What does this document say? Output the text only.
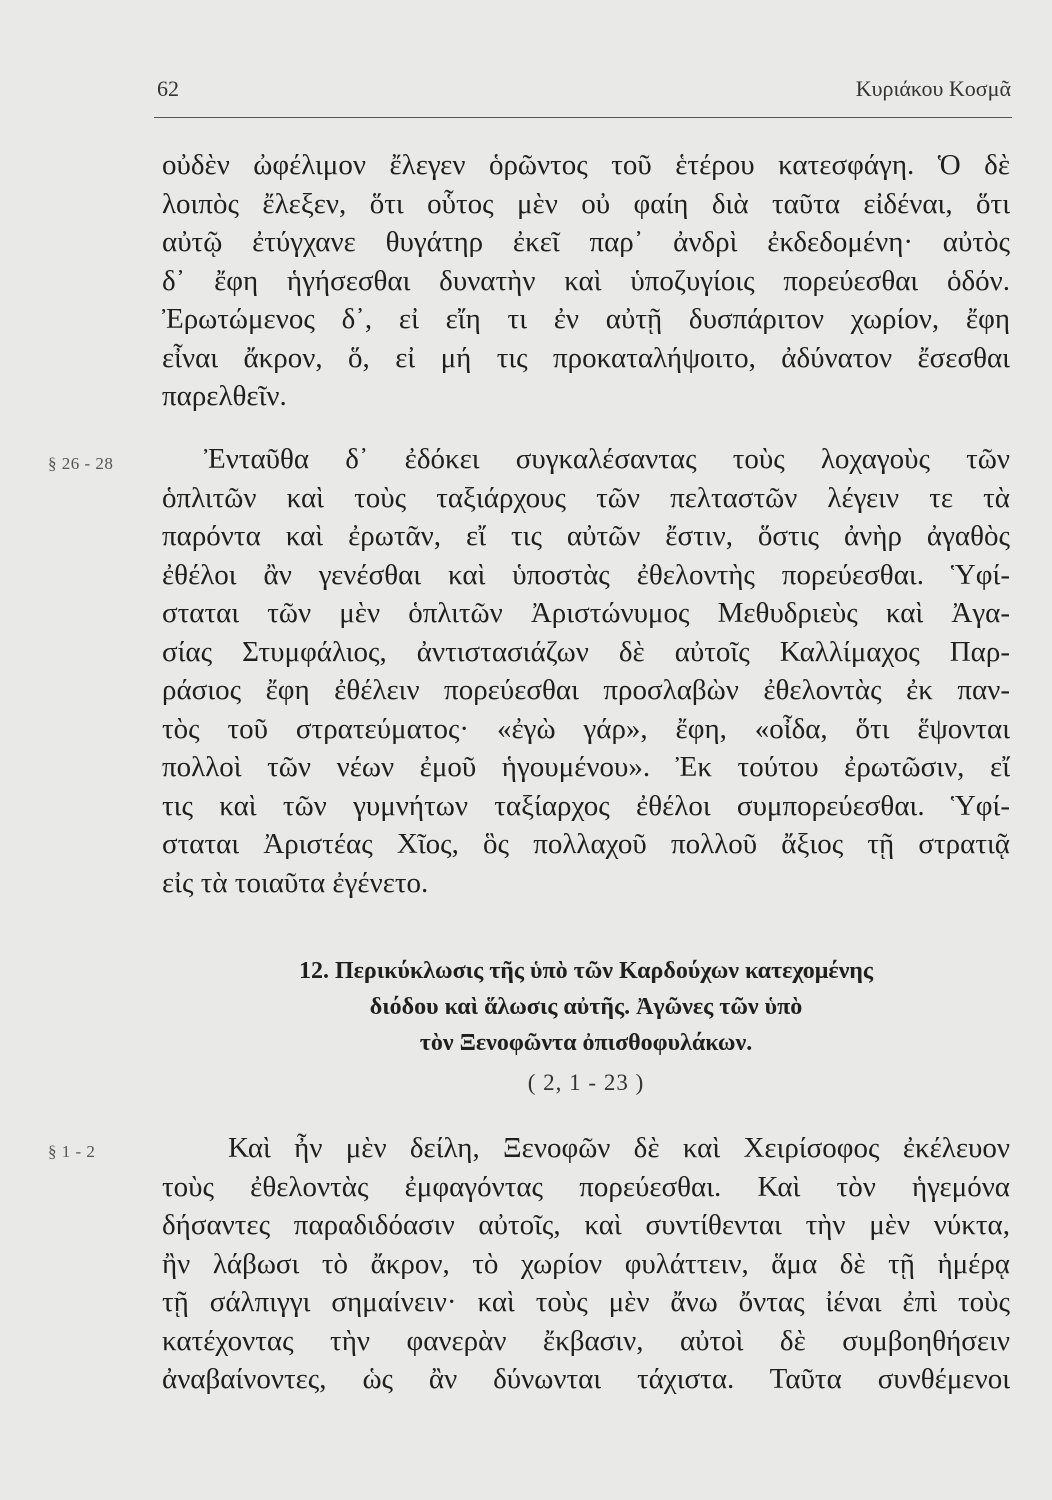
62	Κυριάκου Κοσμᾶ
οὐδὲν ὠφέλιμον ἔλεγεν ὁρῶντος τοῦ ἑτέρου κατεσφάγη. Ὁ δὲ
λοιπὸς ἔλεξεν, ὅτι οὗτος μὲν οὐ φαίη διὰ ταῦτα εἰδέναι, ὅτι
αὐτῷ ἐτύγχανε θυγάτηρ ἐκεῖ παρ᾽ ἀνδρὶ ἐκδεδομένη· αὐτὸς
δ᾽ ἔφη ἡγήσεσθαι δυνατὴν καὶ ὑποζυγίοις πορεύεσθαι ὁδόν.
Ἐρωτώμενος δ᾽, εἰ εἴη τι ἐν αὐτῇ δυσπάριτον χωρίον, ἔφη
εἶναι ἄκρον, ὅ, εἰ μή τις προκαταλήψοιτο, ἀδύνατον ἔσεσθαι
παρελθεῖν.
§ 26 - 28	Ἐνταῦθα δ᾽ ἐδόκει συγκαλέσαντας τοὺς λοχαγοὺς τῶν
ὁπλιτῶν καὶ τοὺς ταξιάρχους τῶν πελταστῶν λέγειν τε τὰ
παρόντα καὶ ἐρωτᾶν, εἴ τις αὐτῶν ἔστιν, ὅστις ἀνὴρ ἀγαθὸς
ἐθέλοι ἂν γενέσθαι καὶ ὑποστὰς ἐθελοντὴς πορεύεσθαι. Ὑφί-
σταται τῶν μὲν ὁπλιτῶν Ἀριστώνυμος Μεθυδριεὺς καὶ Ἀγα-
σίας Στυμφάλιος, ἀντιστασιάζων δὲ αὐτοῖς Καλλίμαχος Παρ-
ράσιος ἔφη ἐθέλειν πορεύεσθαι προσλαβὼν ἐθελοντὰς ἐκ παν-
τὸς τοῦ στρατεύματος· «ἐγὼ γάρ», ἔφη, «οἶδα, ὅτι ἕψονται
πολλοὶ τῶν νέων ἐμοῦ ἡγουμένου». Ἐκ τούτου ἐρωτῶσιν, εἴ
τις καὶ τῶν γυμνήτων ταξίαρχος ἐθέλοι συμπορεύεσθαι. Ὑφί-
σταται Ἀριστέας Χῖος, ὃς πολλαχοῦ πολλοῦ ἄξιος τῇ στρατιᾷ
εἰς τὰ τοιαῦτα ἐγένετο.
12. Περικύκλωσις τῆς ὑπὸ τῶν Καρδούχων κατεχομένης
διόδου καὶ ἅλωσις αὐτῆς. Ἀγῶνες τῶν ὑπὸ
τὸν Ξενοφῶντα ὀπισθοφυλάκων.
( 2, 1 - 23 )
§ 1 - 2	Καὶ ἦν μὲν δείλη, Ξενοφῶν δὲ καὶ Χειρίσοφος ἐκέλευον
τοὺς ἐθελοντὰς ἐμφαγόντας πορεύεσθαι. Καὶ τὸν ἡγεμόνα
δήσαντες παραδιδόασιν αὐτοῖς, καὶ συντίθενται τὴν μὲν νύκτα,
ἢν λάβωσι τὸ ἄκρον, τὸ χωρίον φυλάττειν, ἅμα δὲ τῇ ἡμέρᾳ
τῇ σάλπιγγι σημαίνειν· καὶ τοὺς μὲν ἄνω ὄντας ἰέναι ἐπὶ τοὺς
κατέχοντας τὴν φανερὰν ἔκβασιν, αὐτοὶ δὲ συμβοηθήσειν
ἀναβαίνοντες, ὡς ἂν δύνωνται τάχιστα. Ταῦτα συνθέμενοι
